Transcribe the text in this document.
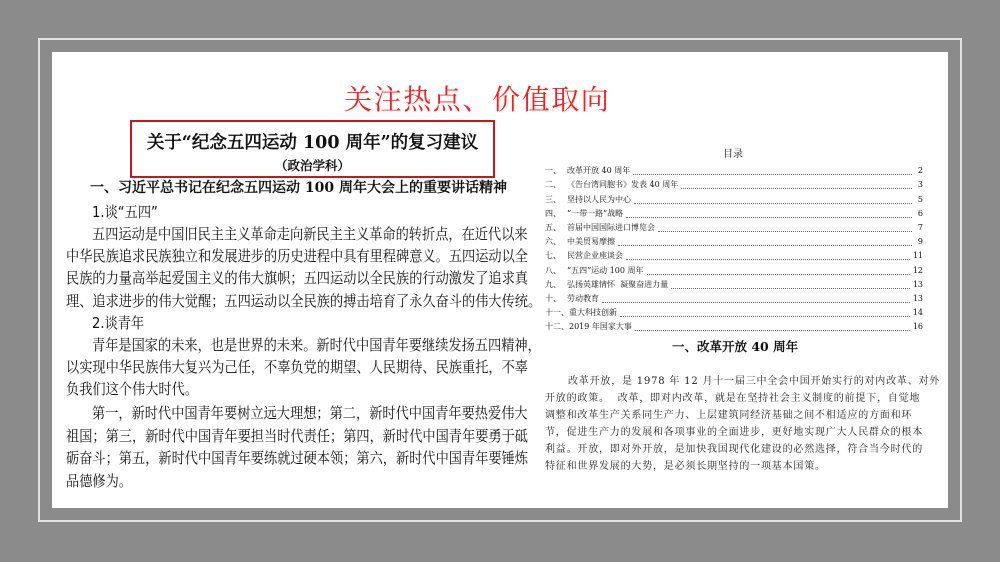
关注热点、价值取向
关于“纪念五四运动 100 周年”的复习建议
（政治学科）
一、习近平总书记在纪念五四运动 100 周年大会上的重要讲话精神
1.谈“五四”
五四运动是中国旧民主主义革命走向新民主主义革命的转折点，在近代以来
中华民族追求民族独立和发展进步的历史进程中具有里程碑意义。五四运动以全
民族的力量高举起爱国主义的伟大旗帜；五四运动以全民族的行动激发了追求真
理、追求进步的伟大觉醒；五四运动以全民族的搏击培育了永久奋斗的伟大传统。
2.谈青年
青年是国家的未来，也是世界的未来。新时代中国青年要继续发扬五四精神，
以实现中华民族伟大复兴为己任，不辜负党的期望、人民期待、民族重托，不辜
负我们这个伟大时代。
第一，新时代中国青年要树立远大理想；第二，新时代中国青年要热爱伟大
祖国；第三，新时代中国青年要担当时代责任；第四，新时代中国青年要勇于砥
砺奋斗；第五，新时代中国青年要练就过硬本领；第六，新时代中国青年要锤炼
品德修为。
目录
一、 改革开放 40 周年	2
二、 《告台湾同胞书》发表 40 周年	3
三、 坚持以人民为中心	5
四、 “一带一路”战略	6
五、 首届中国国际进口博览会	7
六、 中美贸易摩擦	9
七、 民营企业座谈会	11
八、 “五四”运动 100 周年	12
九、 弘扬英雄情怀  凝聚奋进力量	13
十、 劳动教育	13
十一、 重大科技创新	14
十二、 2019 年国家大事	16
一、改革开放 40 周年
改革开放，是 1978 年 12 月十一届三中全会中国开始实行的对内改革、对外
开放的政策。  改革，即对内改革，就是在坚持社会主义制度的前提下，自觉地
调整和改革生产关系同生产力、上层建筑同经济基础之间不相适应的方面和环
节，促进生产力的发展和各项事业的全面进步，更好地实现广大人民群众的根本
利益。开放，即对外开放，是加快我国现代化建设的必然选择，符合当今时代的
特征和世界发展的大势，是必须长期坚持的一项基本国策。
